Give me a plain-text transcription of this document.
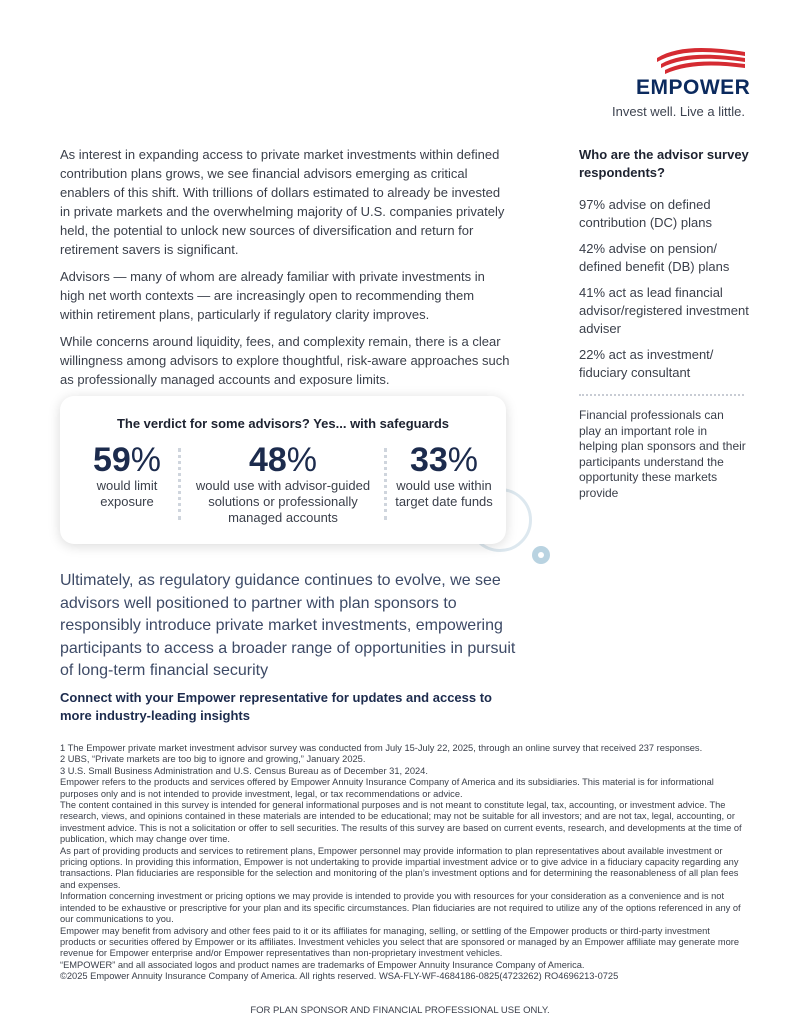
EMPOWER
Invest well. Live a little.

As interest in expanding access to private market investments within defined contribution plans grows, we see financial advisors emerging as critical enablers of this shift. With trillions of dollars estimated to already be invested in private markets and the overwhelming majority of U.S. companies privately held, the potential to unlock new sources of diversification and return for retirement savers is significant.

Advisors — many of whom are already familiar with private investments in high net worth contexts — are increasingly open to recommending them within retirement plans, particularly if regulatory clarity improves.

While concerns around liquidity, fees, and complexity remain, there is a clear willingness among advisors to explore thoughtful, risk-aware approaches such as professionally managed accounts and exposure limits.

Who are the advisor survey respondents?
97% advise on defined contribution (DC) plans
42% advise on pension/ defined benefit (DB) plans
41% act as lead financial advisor/registered investment adviser
22% act as investment/ fiduciary consultant
Financial professionals can play an important role in helping plan sponsors and their participants understand the opportunity these markets provide
The verdict for some advisors? Yes... with safeguards
59%
would limit exposure
48%
would use with advisor-guided solutions or professionally managed accounts
33%
would use within target date funds
Ultimately, as regulatory guidance continues to evolve, we see advisors well positioned to partner with plan sponsors to responsibly introduce private market investments, empowering participants to access a broader range of opportunities in pursuit of long-term financial security
Connect with your Empower representative for updates and access to more industry-leading insights

1 The Empower private market investment advisor survey was conducted from July 15-July 22, 2025, through an online survey that received 237 responses.

2 UBS, “Private markets are too big to ignore and growing,” January 2025.

3 U.S. Small Business Administration and U.S. Census Bureau as of December 31, 2024.

Empower refers to the products and services offered by Empower Annuity Insurance Company of America and its subsidiaries. This material is for informational purposes only and is not intended to provide investment, legal, or tax recommendations or advice.

The content contained in this survey is intended for general informational purposes and is not meant to constitute legal, tax, accounting, or investment advice. The research, views, and opinions contained in these materials are intended to be educational; may not be suitable for all investors; and are not tax, legal, accounting, or investment advice. This is not a solicitation or offer to sell securities. The results of this survey are based on current events, research, and developments at the time of publication, which may change over time.

As part of providing products and services to retirement plans, Empower personnel may provide information to plan representatives about available investment or pricing options. In providing this information, Empower is not undertaking to provide impartial investment advice or to give advice in a fiduciary capacity regarding any transactions. Plan fiduciaries are responsible for the selection and monitoring of the plan’s investment options and for determining the reasonableness of all plan fees and expenses.

Information concerning investment or pricing options we may provide is intended to provide you with resources for your consideration as a convenience and is not intended to be exhaustive or prescriptive for your plan and its specific circumstances. Plan fiduciaries are not required to utilize any of the options referenced in any of our communications to you.

Empower may benefit from advisory and other fees paid to it or its affiliates for managing, selling, or settling of the Empower products or third-party investment products or securities offered by Empower or its affiliates. Investment vehicles you select that are sponsored or managed by an Empower affiliate may generate more revenue for Empower enterprise and/or Empower representatives than non-proprietary investment vehicles.

“EMPOWER” and all associated logos and product names are trademarks of Empower Annuity Insurance Company of America.

©2025 Empower Annuity Insurance Company of America. All rights reserved. WSA-FLY-WF-4684186-0825(4723262) RO4696213-0725

FOR PLAN SPONSOR AND FINANCIAL PROFESSIONAL USE ONLY.
